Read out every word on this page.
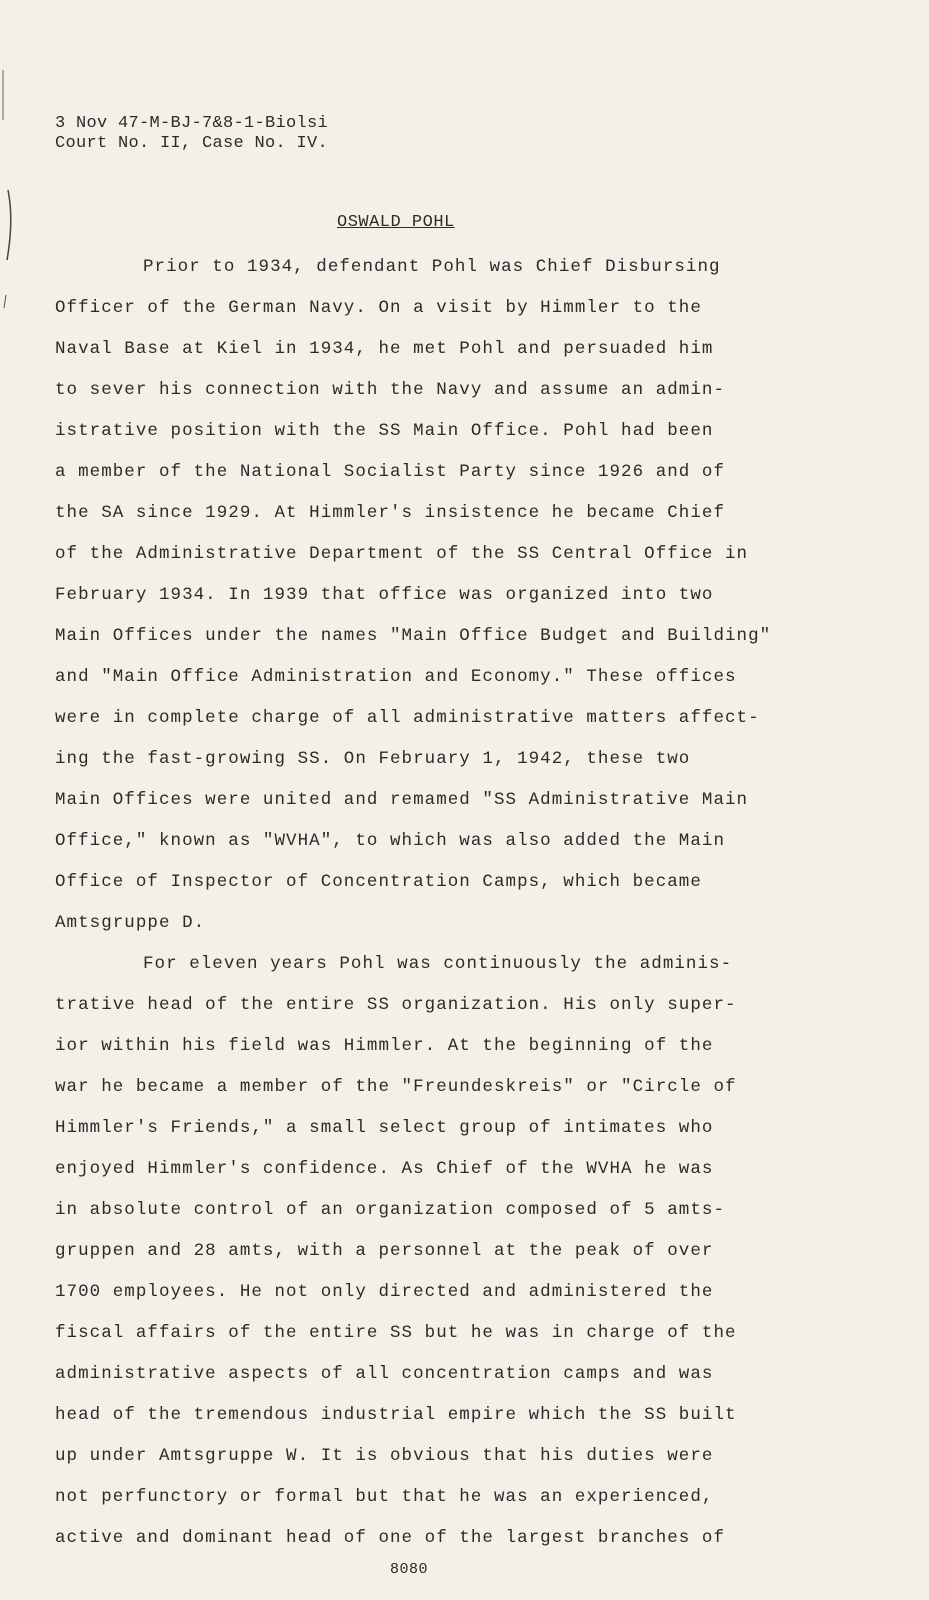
3 Nov 47-M-BJ-7&8-1-Biolsi
Court No. II, Case No. IV.
OSWALD POHL
Prior to 1934, defendant Pohl was Chief Disbursing
Officer of the German Navy. On a visit by Himmler to the
Naval Base at Kiel in 1934, he met Pohl and persuaded him
to sever his connection with the Navy and assume an admin-
istrative position with the SS Main Office. Pohl had been
a member of the National Socialist Party since 1926 and of
the SA since 1929. At Himmler's insistence he became Chief
of the Administrative Department of the SS Central Office in
February 1934. In 1939 that office was organized into two
Main Offices under the names "Main Office Budget and Building"
and "Main Office Administration and Economy." These offices
were in complete charge of all administrative matters affect-
ing the fast-growing SS. On February 1, 1942, these two
Main Offices were united and remamed "SS Administrative Main
Office," known as "WVHA", to which was also added the Main
Office of Inspector of Concentration Camps, which became
Amtsgruppe D.
For eleven years Pohl was continuously the adminis-
trative head of the entire SS organization. His only super-
ior within his field was Himmler. At the beginning of the
war he became a member of the "Freundeskreis" or "Circle of
Himmler's Friends," a small select group of intimates who
enjoyed Himmler's confidence. As Chief of the WVHA he was
in absolute control of an organization composed of 5 amts-
gruppen and 28 amts, with a personnel at the peak of over
1700 employees. He not only directed and administered the
fiscal affairs of the entire SS but he was in charge of the
administrative aspects of all concentration camps and was
head of the tremendous industrial empire which the SS built
up under Amtsgruppe W. It is obvious that his duties were
not perfunctory or formal but that he was an experienced,
active and dominant head of one of the largest branches of
8080
